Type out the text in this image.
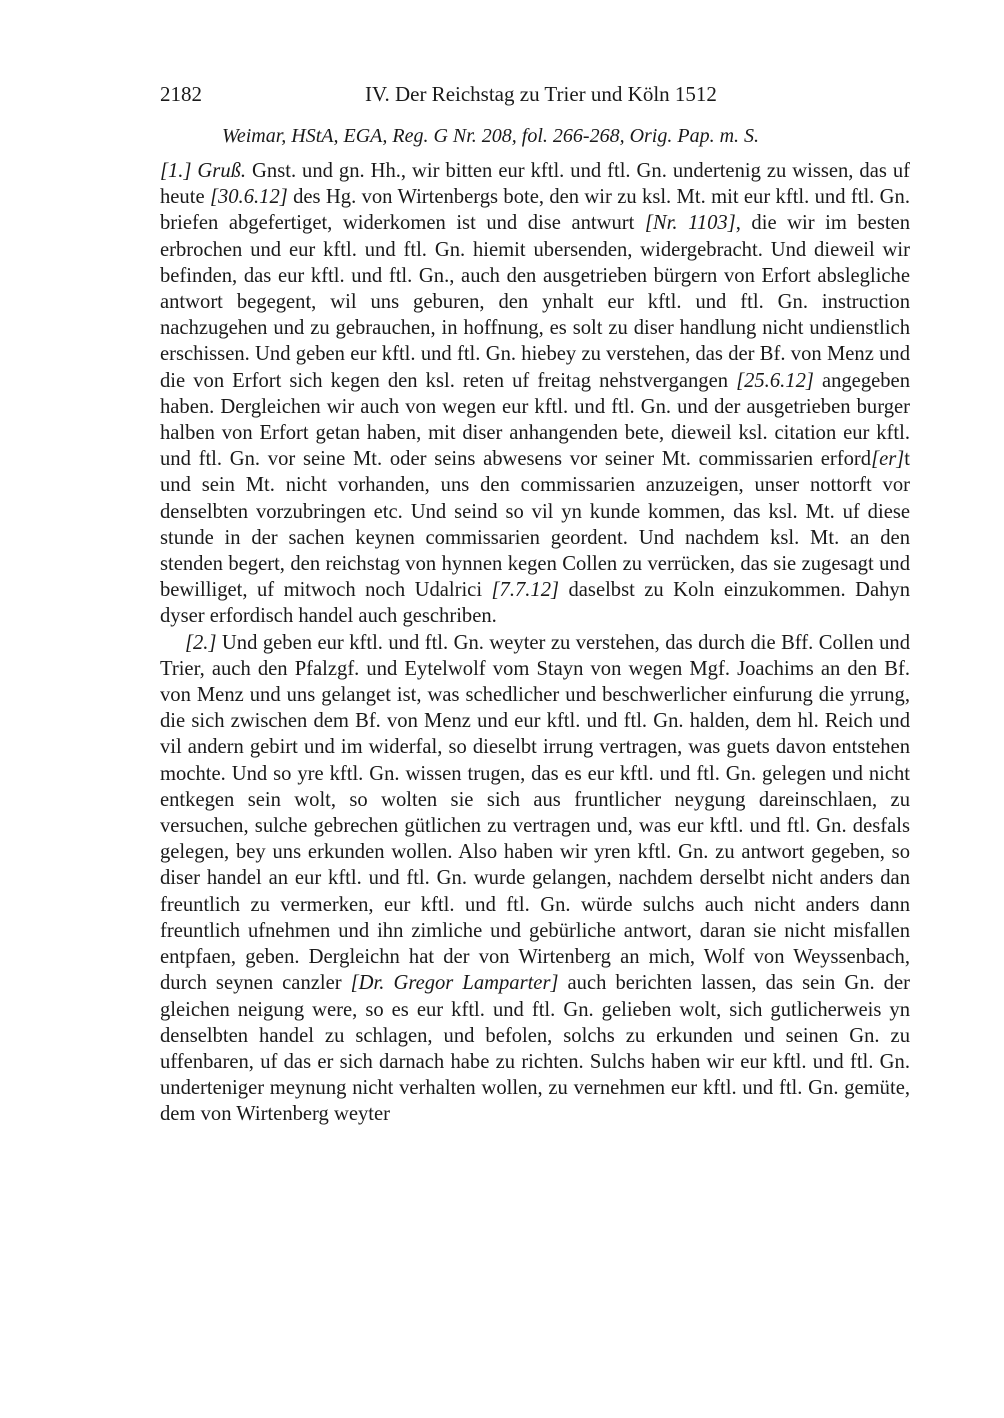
2182	IV. Der Reichstag zu Trier und Köln 1512
Weimar, HStA, EGA, Reg. G Nr. 208, fol. 266-268, Orig. Pap. m. S.

[1.] Gruß. Gnst. und gn. Hh., wir bitten eur kftl. und ftl. Gn. undertenig zu wissen, das uf heute [30.6.12] des Hg. von Wirtenbergs bote, den wir zu ksl. Mt. mit eur kftl. und ftl. Gn. briefen abgefertiget, widerkomen ist und dise antwurt [Nr. 1103], die wir im besten erbrochen und eur kftl. und ftl. Gn. hiemit ubersenden, widergebracht. Und dieweil wir befinden, das eur kftl. und ftl. Gn., auch den ausgetrieben bürgern von Erfort abslegliche antwort begegent, wil uns geburen, den ynhalt eur kftl. und ftl. Gn. instruction nachzugehen und zu gebrauchen, in hoffnung, es solt zu diser handlung nicht undienstlich erschissen. Und geben eur kftl. und ftl. Gn. hiebey zu verstehen, das der Bf. von Menz und die von Erfort sich kegen den ksl. reten uf freitag nehstvergangen [25.6.12] angegeben haben. Dergleichen wir auch von wegen eur kftl. und ftl. Gn. und der ausgetrieben burger halben von Erfort getan haben, mit diser anhangenden bete, dieweil ksl. citation eur kftl. und ftl. Gn. vor seine Mt. oder seins abwesens vor seiner Mt. commissarien erford[er]t und sein Mt. nicht vorhanden, uns den commissarien anzuzeigen, unser nottorft vor denselbten vorzubringen etc. Und seind so vil yn kunde kommen, das ksl. Mt. uf diese stunde in der sachen keynen commissarien geordent. Und nachdem ksl. Mt. an den stenden begert, den reichstag von hynnen kegen Collen zu verrücken, das sie zugesagt und bewilliget, uf mitwoch noch Udalrici [7.7.12] daselbst zu Koln einzukommen. Dahyn dyser erfordisch handel auch geschriben.

[2.] Und geben eur kftl. und ftl. Gn. weyter zu verstehen, das durch die Bff. Collen und Trier, auch den Pfalzgf. und Eytelwolf vom Stayn von wegen Mgf. Joachims an den Bf. von Menz und uns gelanget ist, was schedlicher und beschwerlicher einfurung die yrrung, die sich zwischen dem Bf. von Menz und eur kftl. und ftl. Gn. halden, dem hl. Reich und vil andern gebirt und im widerfal, so dieselbt irrung vertragen, was guets davon entstehen mochte. Und so yre kftl. Gn. wissen trugen, das es eur kftl. und ftl. Gn. gelegen und nicht entkegen sein wolt, so wolten sie sich aus fruntlicher neygung dareinschlaen, zu versuchen, sulche gebrechen gütlichen zu vertragen und, was eur kftl. und ftl. Gn. desfals gelegen, bey uns erkunden wollen. Also haben wir yren kftl. Gn. zu antwort gegeben, so diser handel an eur kftl. und ftl. Gn. wurde gelangen, nachdem derselbt nicht anders dan freuntlich zu vermerken, eur kftl. und ftl. Gn. würde sulchs auch nicht anders dann freuntlich ufnehmen und ihn zimliche und gebürliche antwort, daran sie nicht misfallen entpfaen, geben. Dergleichn hat der von Wirtenberg an mich, Wolf von Weyssenbach, durch seynen canzler [Dr. Gregor Lamparter] auch berichten lassen, das sein Gn. der gleichen neigung were, so es eur kftl. und ftl. Gn. gelieben wolt, sich gutlicherweis yn denselbten handel zu schlagen, und befolen, solchs zu erkunden und seinen Gn. zu uffenbaren, uf das er sich darnach habe zu richten. Sulchs haben wir eur kftl. und ftl. Gn. underteniger meynung nicht verhalten wollen, zu vernehmen eur kftl. und ftl. Gn. gemüte, dem von Wirtenberg weyter
